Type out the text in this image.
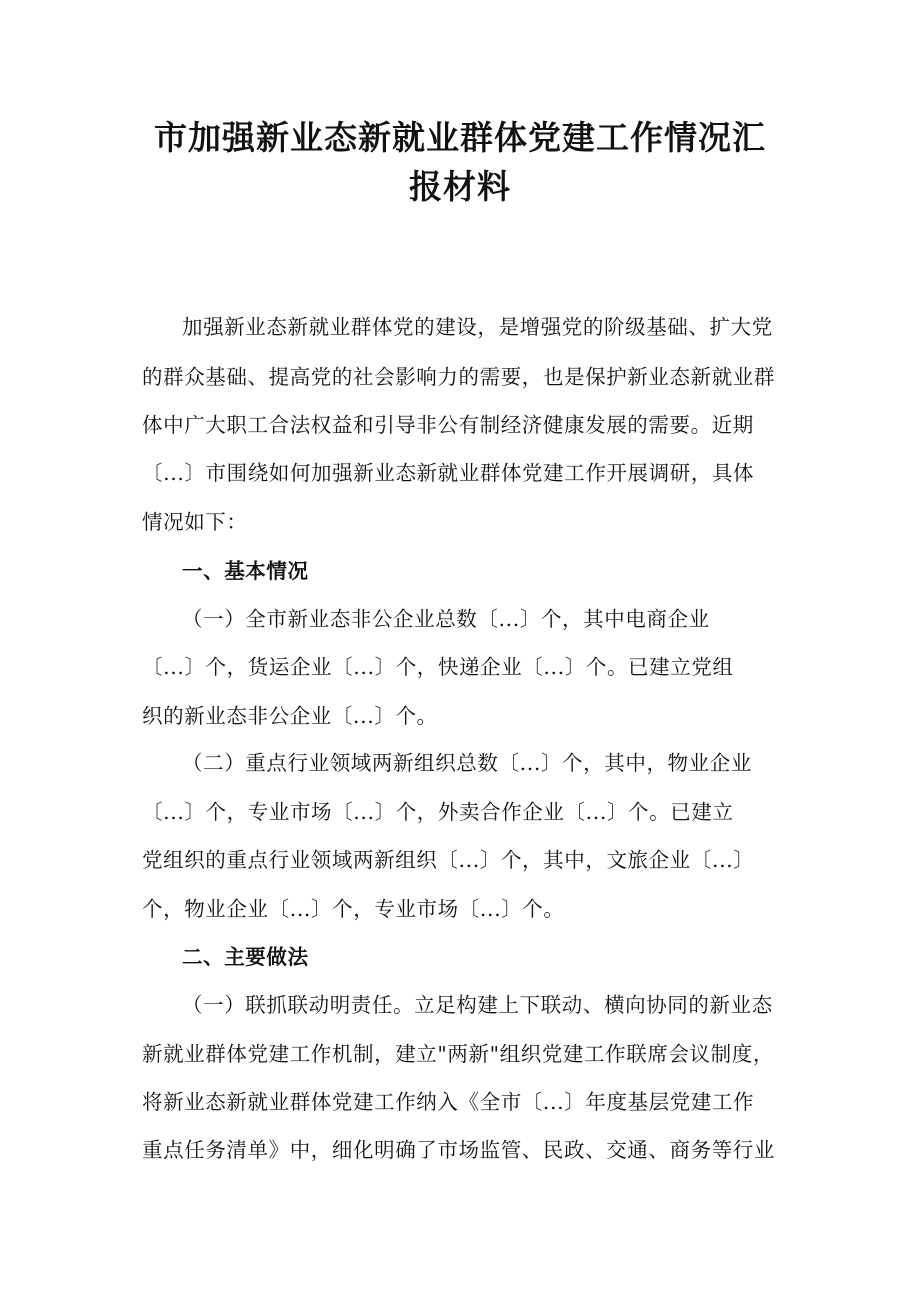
市加强新业态新就业群体党建工作情况汇
报材料
加强新业态新就业群体党的建设，是增强党的阶级基础、扩大党
的群众基础、提高党的社会影响力的需要，也是保护新业态新就业群
体中广大职工合法权益和引导非公有制经济健康发展的需要。近期
〔...〕市围绕如何加强新业态新就业群体党建工作开展调研，具体
情况如下：
一、基本情况
（一）全市新业态非公企业总数〔...〕个，其中电商企业
〔...〕个，货运企业〔...〕个，快递企业〔...〕个。已建立党组
织的新业态非公企业〔...〕个。
（二）重点行业领域两新组织总数〔...〕个，其中，物业企业
〔...〕个，专业市场〔...〕个，外卖合作企业〔...〕个。已建立
党组织的重点行业领域两新组织〔...〕个，其中，文旅企业〔...〕
个，物业企业〔...〕个，专业市场〔...〕个。
二、主要做法
（一）联抓联动明责任。立足构建上下联动、横向协同的新业态
新就业群体党建工作机制，建立"两新"组织党建工作联席会议制度，
将新业态新就业群体党建工作纳入《全市〔...〕年度基层党建工作
重点任务清单》中，细化明确了市场监管、民政、交通、商务等行业
